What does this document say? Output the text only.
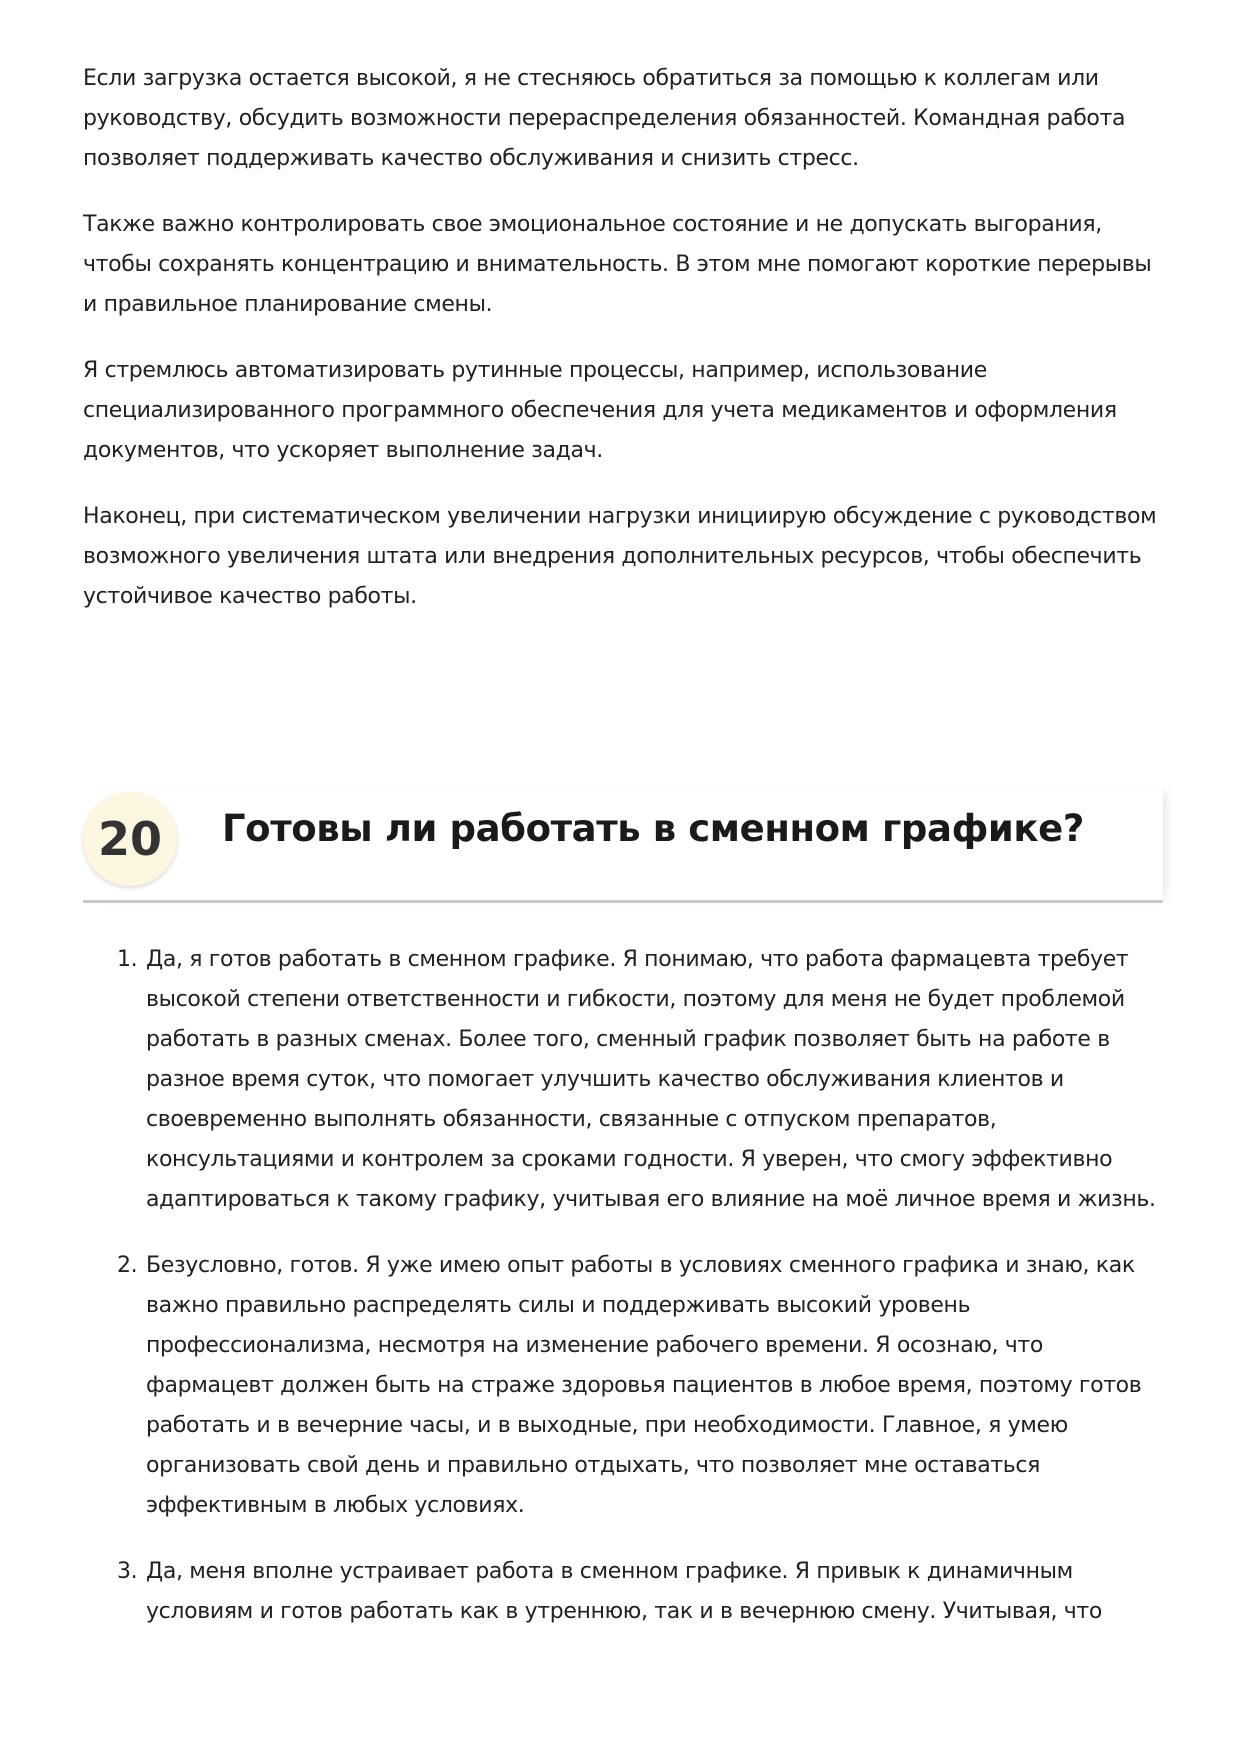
Если загрузка остается высокой, я не стесняюсь обратиться за помощью к коллегам или руководству, обсудить возможности перераспределения обязанностей. Командная работа позволяет поддерживать качество обслуживания и снизить стресс.

Также важно контролировать свое эмоциональное состояние и не допускать выгорания, чтобы сохранять концентрацию и внимательность. В этом мне помогают короткие перерывы и правильное планирование смены.

Я стремлюсь автоматизировать рутинные процессы, например, использование специализированного программного обеспечения для учета медикаментов и оформления документов, что ускоряет выполнение задач.

Наконец, при систематическом увеличении нагрузки инициирую обсуждение с руководством возможного увеличения штата или внедрения дополнительных ресурсов, чтобы обеспечить устойчивое качество работы.

20	Готовы ли работать в сменном графике?
1. Да, я готов работать в сменном графике. Я понимаю, что работа фармацевта требует высокой степени ответственности и гибкости, поэтому для меня не будет проблемой работать в разных сменах. Более того, сменный график позволяет быть на работе в разное время суток, что помогает улучшить качество обслуживания клиентов и своевременно выполнять обязанности, связанные с отпуском препаратов, консультациями и контролем за сроками годности. Я уверен, что смогу эффективно адаптироваться к такому графику, учитывая его влияние на моё личное время и жизнь.
2. Безусловно, готов. Я уже имею опыт работы в условиях сменного графика и знаю, как важно правильно распределять силы и поддерживать высокий уровень профессионализма, несмотря на изменение рабочего времени. Я осознаю, что фармацевт должен быть на страже здоровья пациентов в любое время, поэтому готов работать и в вечерние часы, и в выходные, при необходимости. Главное, я умею организовать свой день и правильно отдыхать, что позволяет мне оставаться эффективным в любых условиях.
3. Да, меня вполне устраивает работа в сменном графике. Я привык к динамичным условиям и готов работать как в утреннюю, так и в вечернюю смену. Учитывая, что
